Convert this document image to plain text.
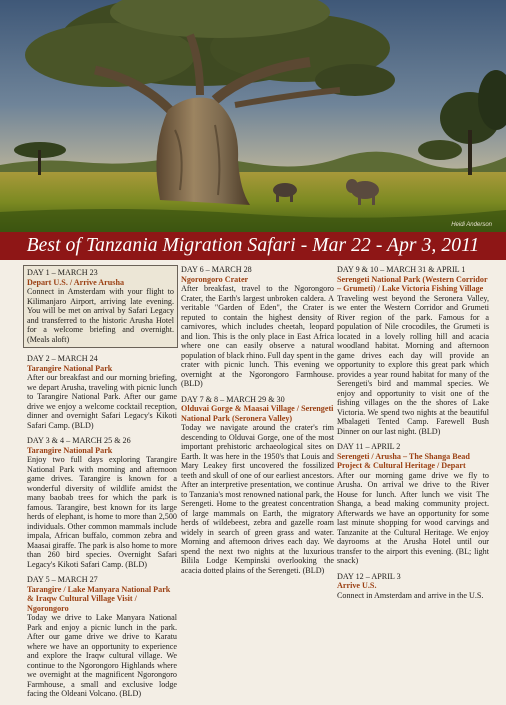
Heidi Anderson
Best of Tanzania Migration Safari - Mar 22 - Apr 3, 2011
DAY 1 – MARCH 23
Depart U.S. / Arrive Arusha
Connect in Amsterdam with your flight to Kilimanjaro Airport, arriving late evening. You will be met on arrival by Safari Legacy and transferred to the historic Arusha Hotel for a welcome briefing and overnight. (Meals aloft)
DAY 2 – MARCH 24
Tarangire National Park
After our breakfast and our morning briefing, we depart Arusha, traveling with picnic lunch to Tarangire National Park. After our game drive we enjoy a welcome cocktail reception, dinner and overnight Safari Legacy's Kikoti Safari Camp. (BLD)
DAY 3 & 4 – MARCH 25 & 26
Tarangire National Park
Enjoy two full days exploring Tarangire National Park with morning and afternoon game drives. Tarangire is known for a wonderful diversity of wildlife amidst the many baobab trees for which the park is famous. Tarangire, best known for its large herds of elephant, is home to more than 2,500 individuals. Other common mammals include impala, African buffalo, common zebra and Maasai giraffe. The park is also home to more than 260 bird species. Overnight Safari Legacy's Kikoti Safari Camp. (BLD)
DAY 5 – MARCH 27
Tarangire / Lake Manyara National Park & Iraqw Cultural Village Visit / Ngorongoro
Today we drive to Lake Manyara National Park and enjoy a picnic lunch in the park. After our game drive we drive to Karatu where we have an opportunity to experience and explore the Iraqw cultural village. We continue to the Ngorongoro Highlands where we overnight at the magnificent Ngorongoro Farmhouse, a small and exclusive lodge facing the Oldeani Volcano. (BLD)
DAY 6 – MARCH 28
Ngorongoro Crater
After breakfast, travel to the Ngorongoro Crater, the Earth's largest unbroken caldera. A veritable "Garden of Eden", the Crater is reputed to contain the highest density of carnivores, which includes cheetah, leopard and lion. This is the only place in East Africa where one can easily observe a natural population of black rhino. Full day spent in the crater with picnic lunch. This evening we overnight at the Ngorongoro Farmhouse. (BLD)
DAY 7 & 8 – MARCH 29 & 30
Olduvai Gorge & Maasai Village / Serengeti National Park (Seronera Valley)
Today we navigate around the crater's rim descending to Olduvai Gorge, one of the most important prehistoric archaeological sites on Earth. It was here in the 1950's that Louis and Mary Leakey first uncovered the fossilized teeth and skull of one of our earliest ancestors. After an interpretive presentation, we continue to Tanzania's most renowned national park, the Serengeti. Home to the greatest concentration of large mammals on Earth, the migratory herds of wildebeest, zebra and gazelle roam widely in search of green grass and water. Morning and afternoon drives each day. We spend the next two nights at the luxurious Bilila Lodge Kempinski overlooking the acacia dotted plains of the Serengeti. (BLD)
DAY 9 & 10 – MARCH 31 & APRIL 1
Serengeti National Park (Western Corridor – Grumeti) / Lake Victoria Fishing Village
Traveling west beyond the Seronera Valley, we enter the Western Corridor and Grumeti River region of the park. Famous for a population of Nile crocodiles, the Grumeti is located in a lovely rolling hill and acacia woodland habitat. Morning and afternoon game drives each day will provide an opportunity to explore this great park which provides a year round habitat for many of the Serengeti's bird and mammal species. We enjoy and opportunity to visit one of the fishing villages on the the shores of Lake Victoria. We spend two nights at the beautiful Mbalageti Tented Camp. Farewell Bush Dinner on our last night. (BLD)
DAY 11 – APRIL 2
Serengeti / Arusha – The Shanga Bead Project & Cultural Heritage / Depart
After our morning game drive we fly to Arusha. On arrival we drive to the River House for lunch. After lunch we visit The Shanga, a bead making community project. Afterwards we have an opportunity for some last minute shopping for wood carvings and Tanzanite at the Cultural Heritage. We enjoy dayrooms at the Arusha Hotel until our transfer to the airport this evening. (BL; light snack)
DAY 12 – APRIL 3
Arrive U.S.
Connect in Amsterdam and arrive in the U.S.
